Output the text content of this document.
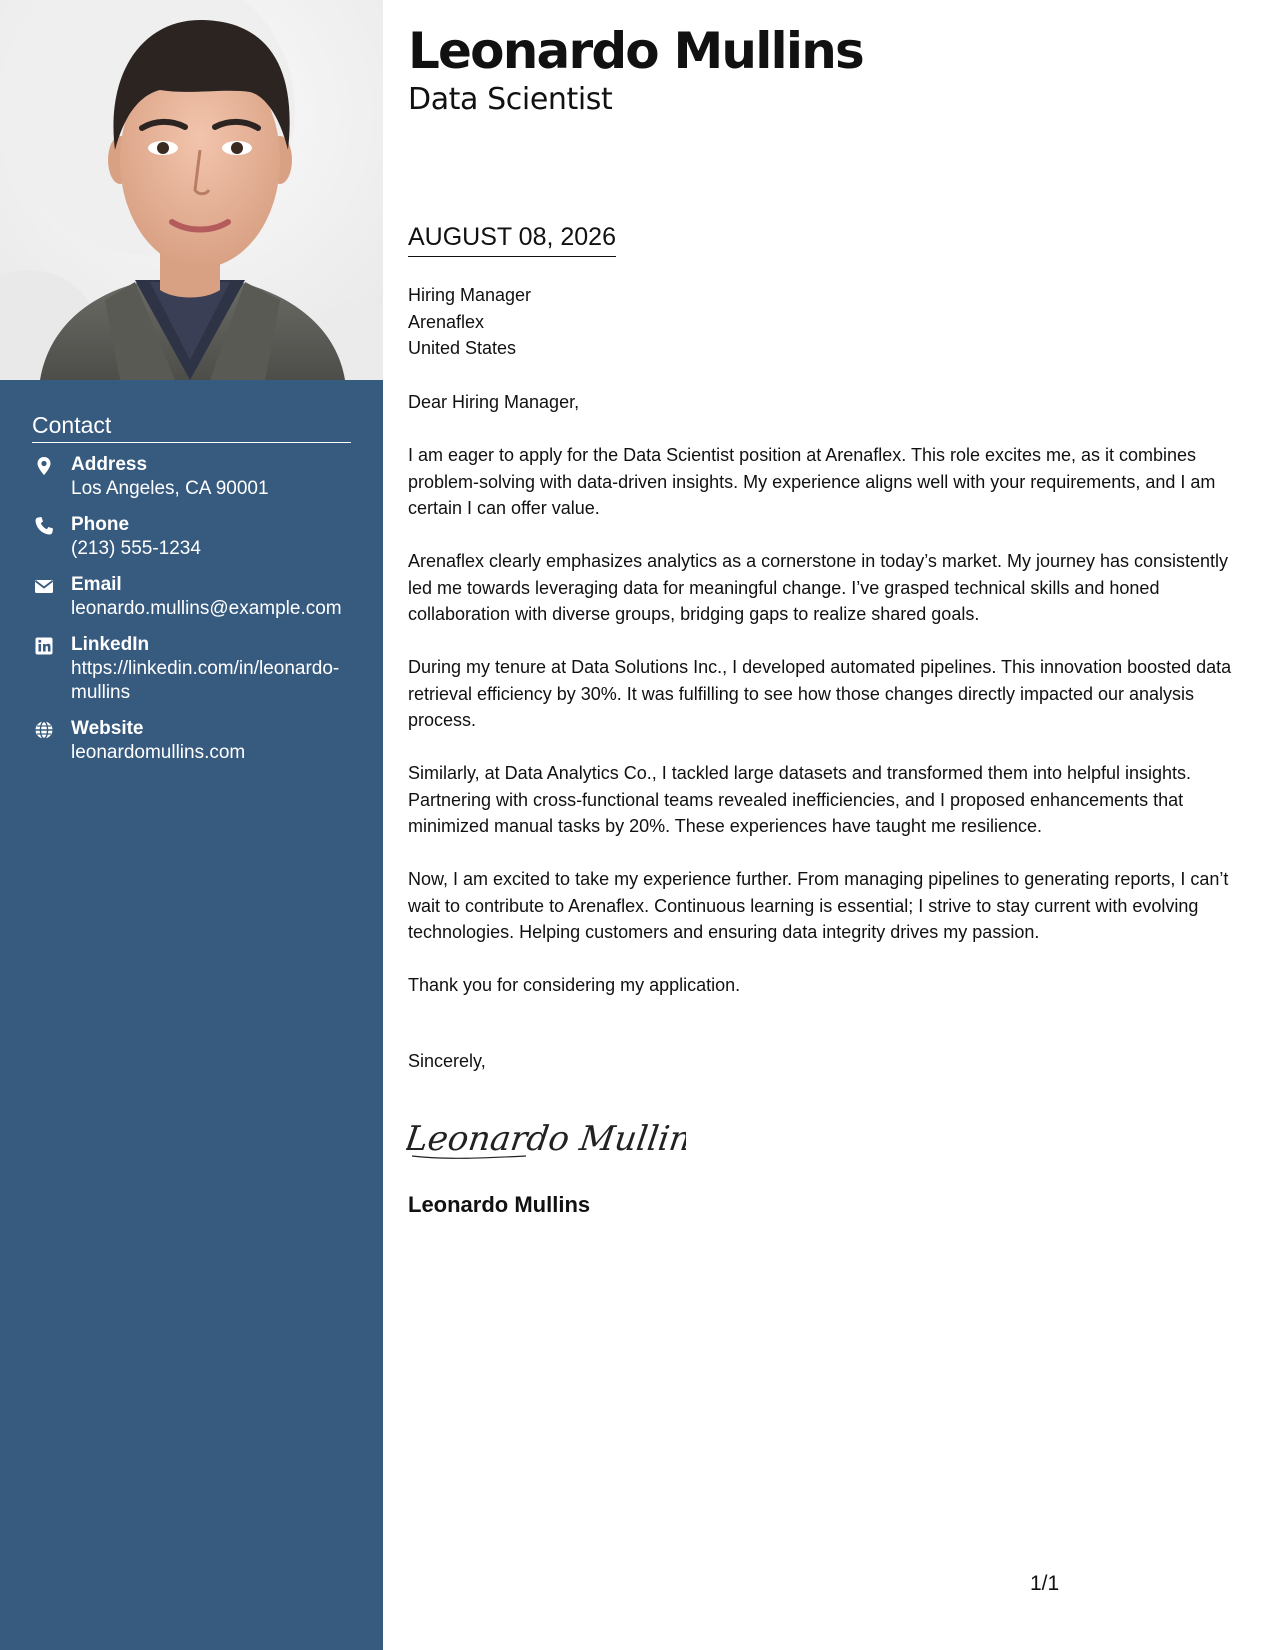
Contact
Address
Los Angeles, CA 90001
Phone
(213) 555-1234
Email
leonardo.mullins@example.com
LinkedIn
https://linkedin.com/in/leonardo-mullins
Website
leonardomullins.com
Leonardo Mullins
Data Scientist
AUGUST 08, 2026
Hiring Manager
Arenaflex
United States

Dear Hiring Manager,

I am eager to apply for the Data Scientist position at Arenaflex. This role excites me, as it combines problem-solving with data-driven insights. My experience aligns well with your requirements, and I am certain I can offer value.

Arenaflex clearly emphasizes analytics as a cornerstone in today’s market. My journey has consistently led me towards leveraging data for meaningful change. I’ve grasped technical skills and honed collaboration with diverse groups, bridging gaps to realize shared goals.

During my tenure at Data Solutions Inc., I developed automated pipelines. This innovation boosted data retrieval efficiency by 30%. It was fulfilling to see how those changes directly impacted our analysis process.

Similarly, at Data Analytics Co., I tackled large datasets and transformed them into helpful insights. Partnering with cross-functional teams revealed inefficiencies, and I proposed enhancements that minimized manual tasks by 20%. These experiences have taught me resilience.

Now, I am excited to take my experience further. From managing pipelines to generating reports, I can’t wait to contribute to Arenaflex. Continuous learning is essential; I strive to stay current with evolving technologies. Helping customers and ensuring data integrity drives my passion.

Thank you for considering my application.

Sincerely,
Leonardo Mullins
Leonardo Mullins
1/1
